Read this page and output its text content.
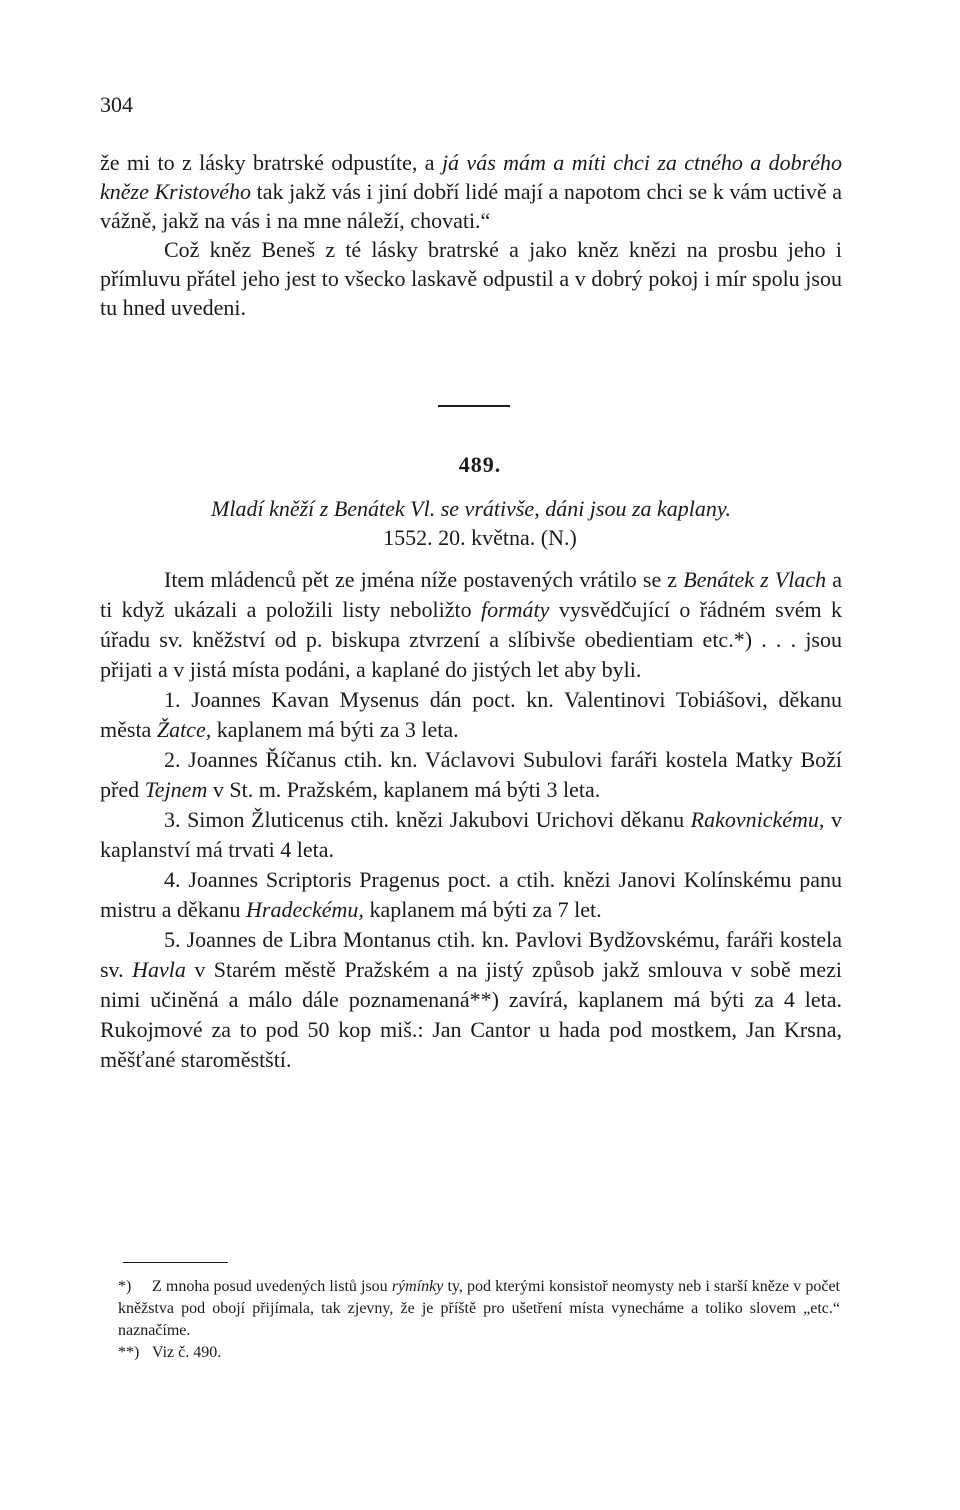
304

že mi to z lásky bratrské odpustíte, a já vás mám a míti chci za ctného a dobrého kněze Kristového tak jakž vás i jiní dobří lidé mají a napotom chci se k vám uctivě a vážně, jakž na vás i na mne náleží, chovati.“

Což kněz Beneš z té lásky bratrské a jako kněz knězi na prosbu jeho i přímluvu přátel jeho jest to všecko laskavě odpustil a v dobrý pokoj i mír spolu jsou tu hned uvedeni.

489.
Mladí kněží z Benátek Vl. se vrátivše, dáni jsou za kaplany.
1552. 20. května. (N.)

Item mládenců pět ze jména níže postavených vrátilo se z Benátek z Vlach a ti když ukázali a položili listy neboližto formáty vysvědčující o řádném svém k úřadu sv. kněžství od p. biskupa ztvrzení a slíbivše obedientiam etc.*) . . . jsou přijati a v jistá místa podáni, a kaplané do jistých let aby byli.

1. Joannes Kavan Mysenus dán poct. kn. Valentinovi Tobiášovi, děkanu města Žatce, kaplanem má býti za 3 leta.

2. Joannes Říčanus ctih. kn. Václavovi Subulovi faráři kostela Matky Boží před Tejnem v St. m. Pražském, kaplanem má býti 3 leta.

3. Simon Žluticenus ctih. knězi Jakubovi Urichovi děkanu Rakovnickému, v kaplanství má trvati 4 leta.

4. Joannes Scriptoris Pragenus poct. a ctih. knězi Janovi Kolínskému panu mistru a děkanu Hradeckému, kaplanem má býti za 7 let.

5. Joannes de Libra Montanus ctih. kn. Pavlovi Bydžovskému, faráři kostela sv. Havla v Starém městě Pražském a na jistý způsob jakž smlouva v sobě mezi nimi učiněná a málo dále poznamenaná**) zavírá, kaplanem má býti za 4 leta. Rukojmové za to pod 50 kop miš.: Jan Cantor u hada pod mostkem, Jan Krsna, měšťané staroměstští.

*) Z mnoha posud uvedených listů jsou rýmínky ty, pod kterými konsistoř neomysty neb i starší kněze v počet kněžstva pod obojí přijímala, tak zjevny, že je příště pro ušetření místa vynecháme a toliko slovem „etc.“ naznačíme.

**) Viz č. 490.
